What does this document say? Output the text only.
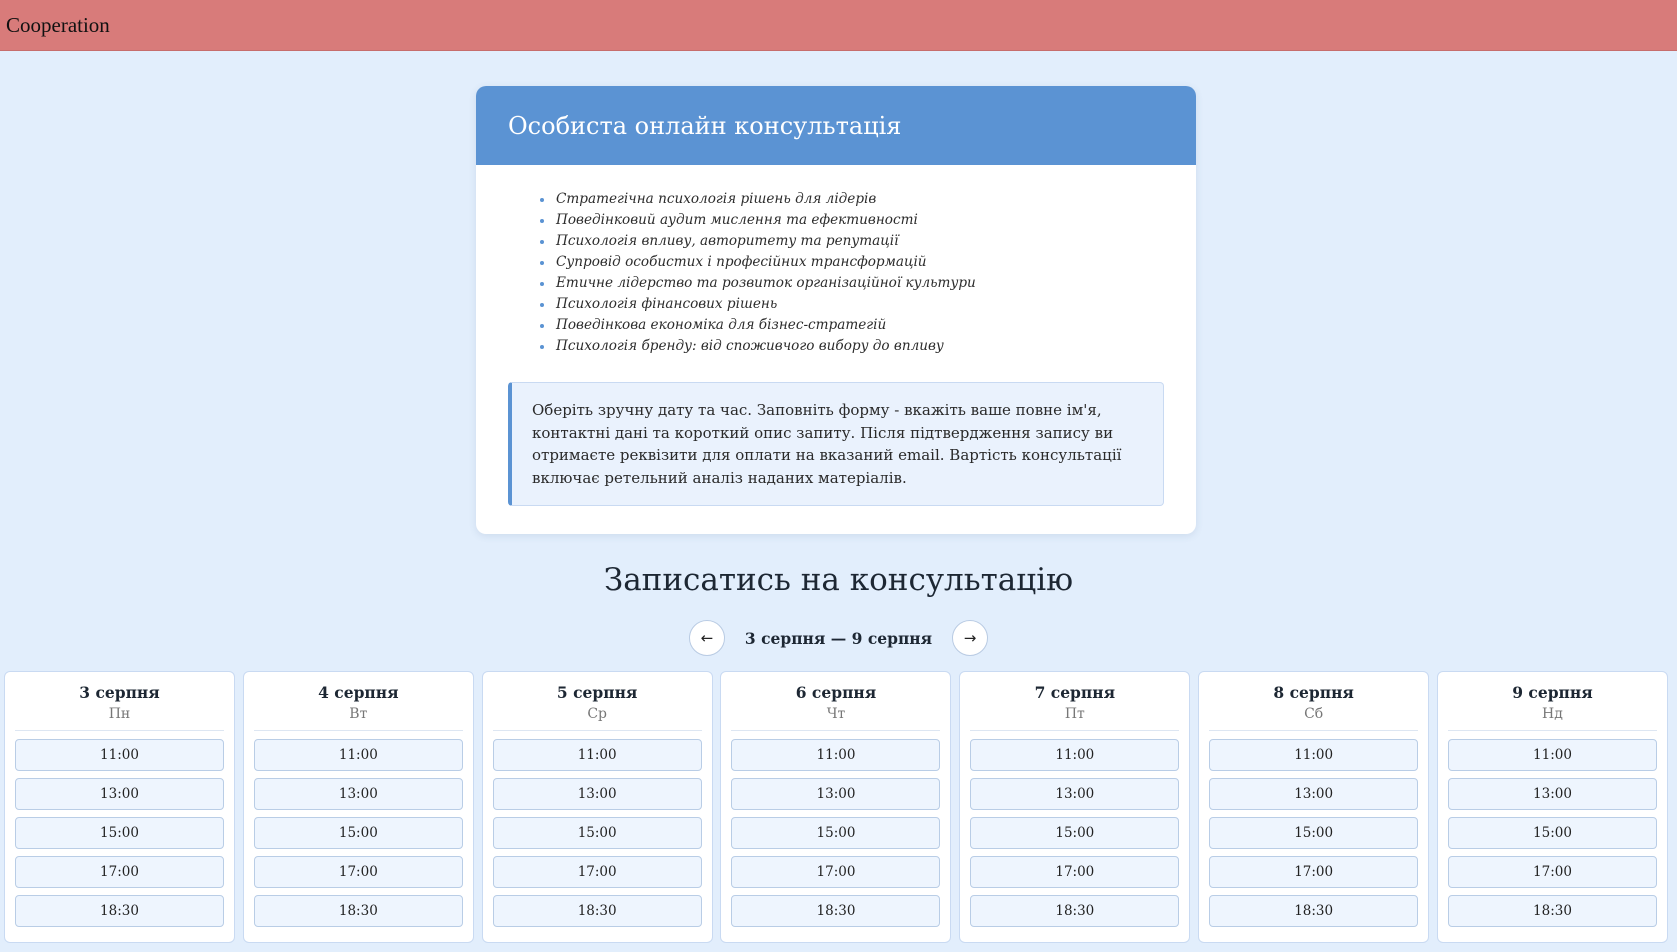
Cooperation
Особиста онлайн консультація
Стратегічна психологія рішень для лідерів
Поведінковий аудит мислення та ефективності
Психологія впливу, авторитету та репутації
Супровід особистих і професійних трансформацій
Етичне лідерство та розвиток організаційної культури
Психологія фінансових рішень
Поведінкова економіка для бізнес-стратегій
Психологія бренду: від споживчого вибору до впливу
Оберіть зручну дату та час. Заповніть форму - вкажіть ваше повне ім'я, контактні дані та короткий опис запиту. Після підтвердження запису ви отримаєте реквізити для оплати на вказаний email. Вартість консультації включає ретельний аналіз наданих матеріалів.
Записатись на консультацію
← 3 серпня — 9 серпня →
3 серпня
Пн
11:00
13:00
15:00
17:00
18:30
4 серпня
Вт
11:00
13:00
15:00
17:00
18:30
5 серпня
Ср
11:00
13:00
15:00
17:00
18:30
6 серпня
Чт
11:00
13:00
15:00
17:00
18:30
7 серпня
Пт
11:00
13:00
15:00
17:00
18:30
8 серпня
Сб
11:00
13:00
15:00
17:00
18:30
9 серпня
Нд
11:00
13:00
15:00
17:00
18:30
